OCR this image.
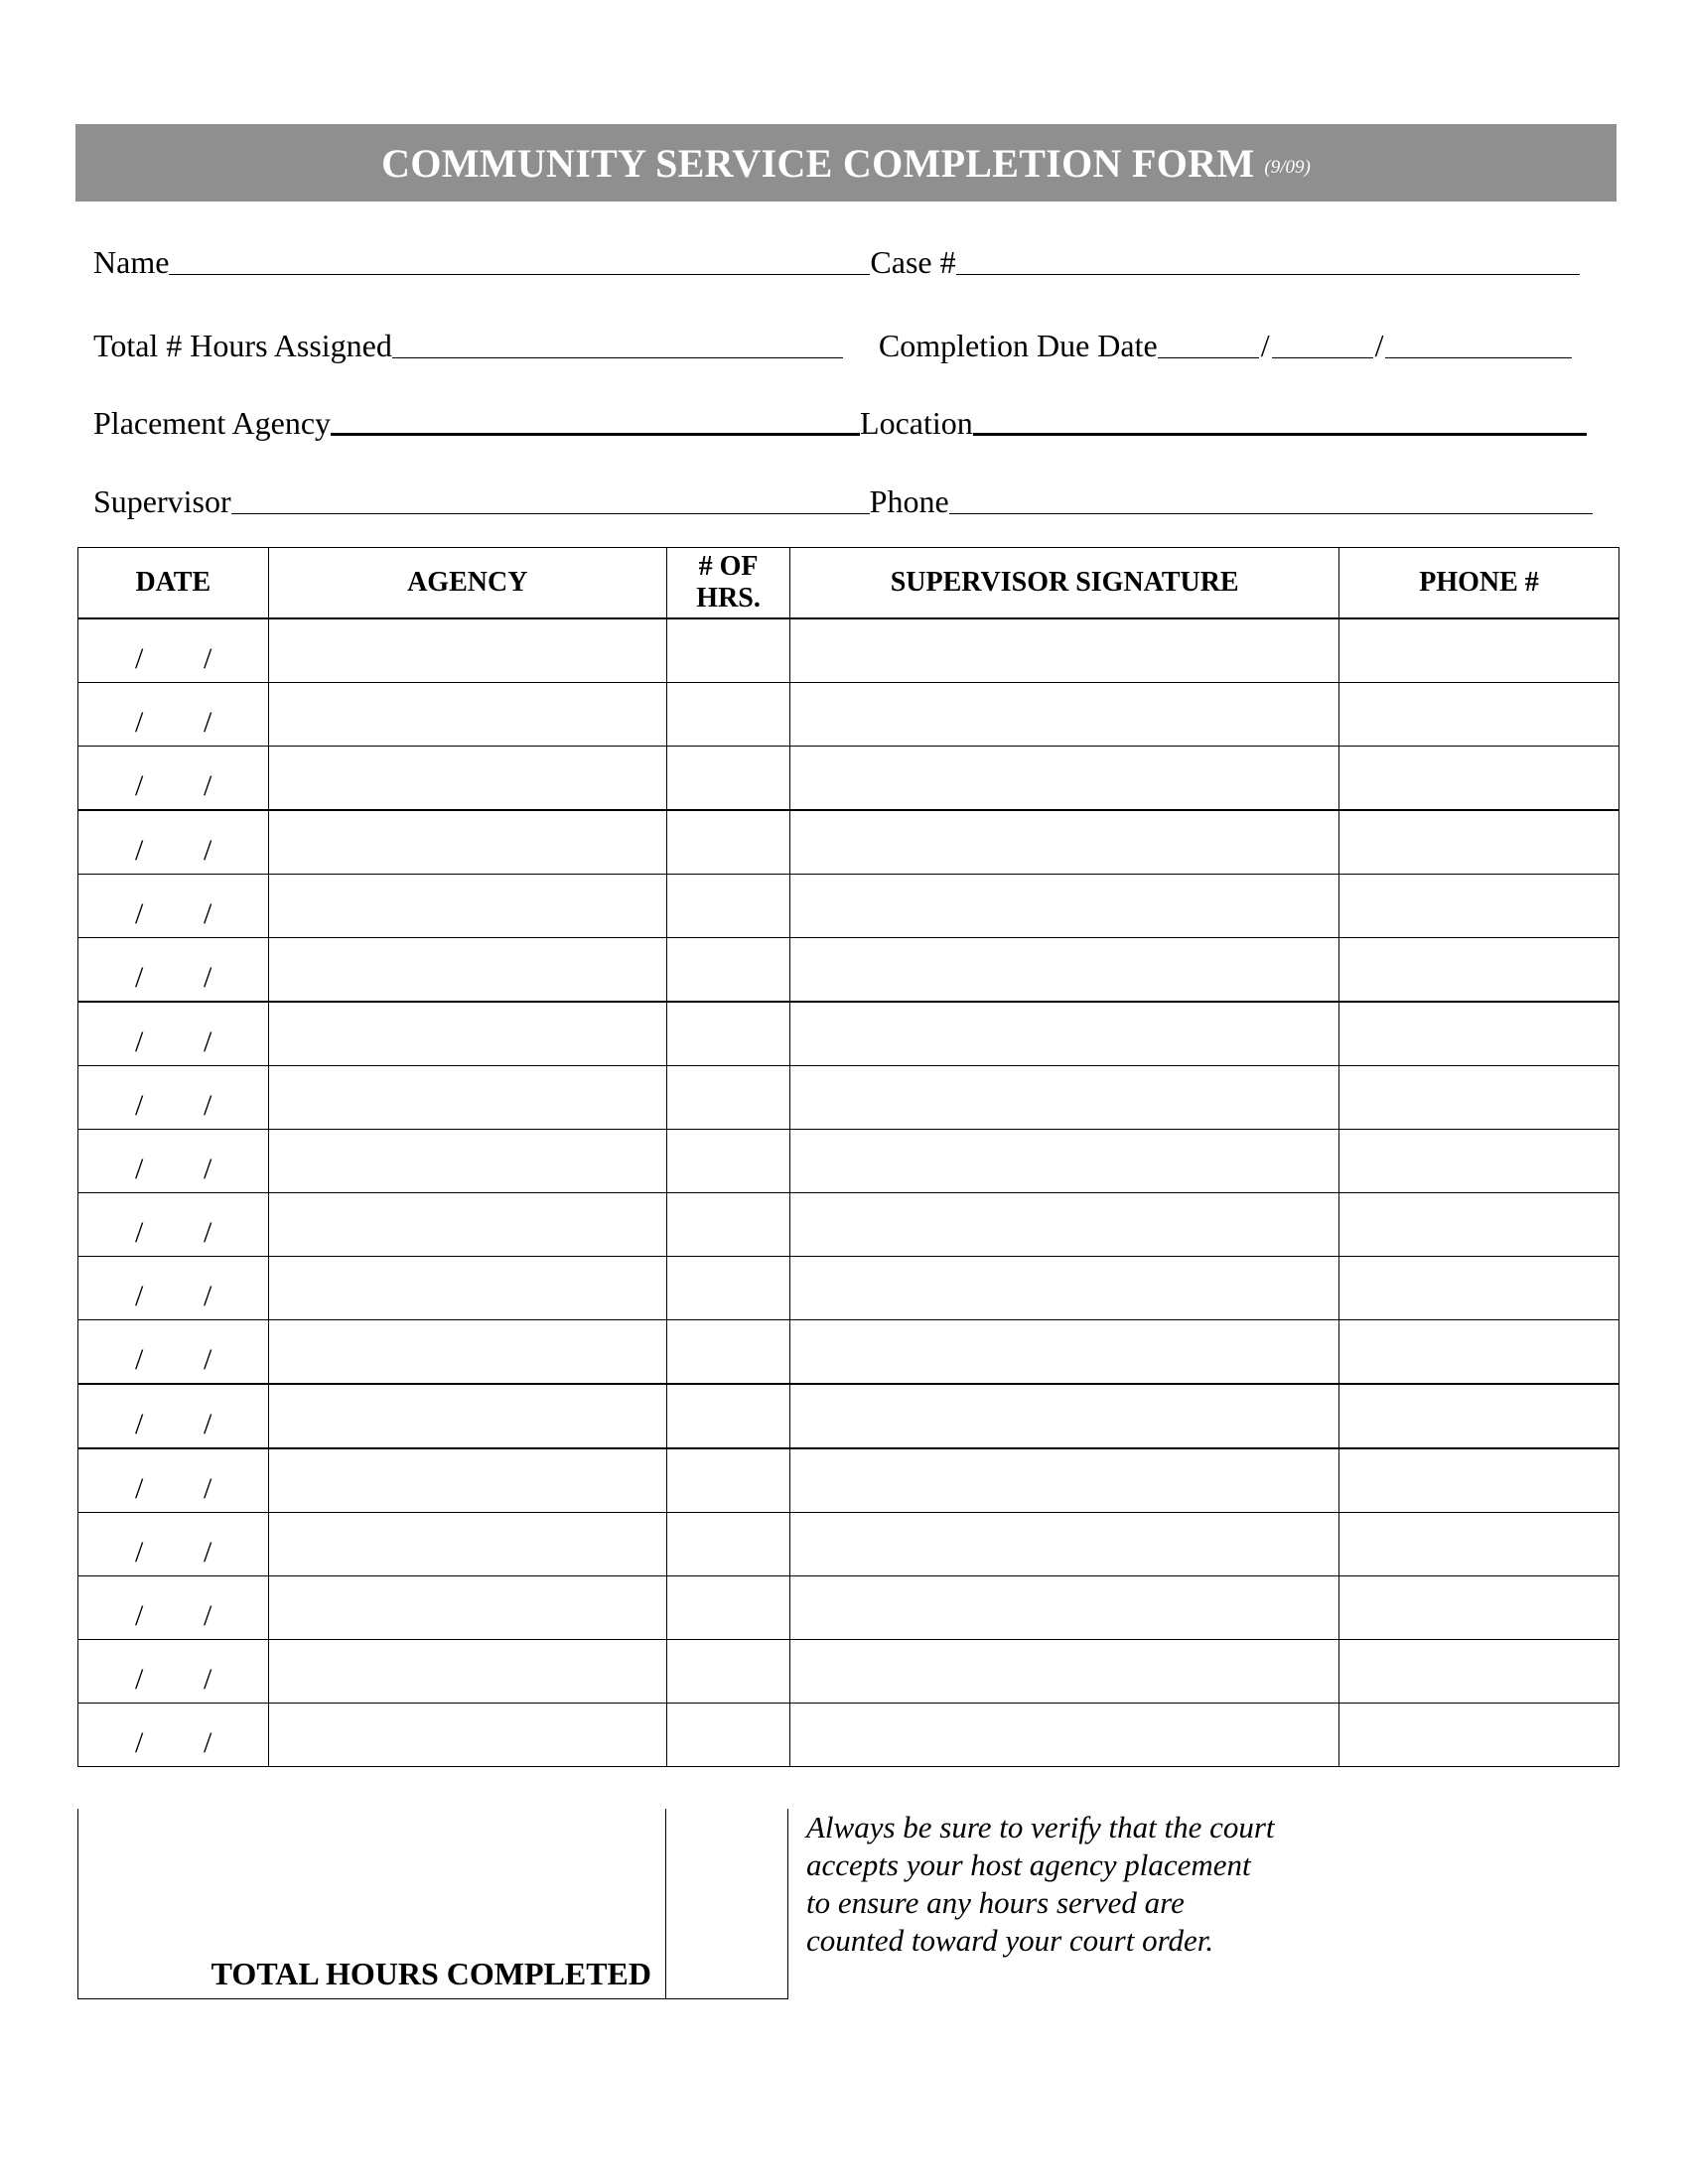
COMMUNITY SERVICE COMPLETION FORM (9/09)
Name	Case #
Total # Hours Assigned	Completion Due Date	/	/
Placement Agency	Location
Supervisor	Phone
DATE	AGENCY	# OF HRS.	SUPERVISOR SIGNATURE	PHONE #

/ /				

/ /				

/ /				

/ /				

/ /				

/ /				

/ /				

/ /				

/ /				

/ /				

/ /				

/ /				

/ /				

/ /				

/ /				

/ /				

/ /				

/ /				

TOTAL HOURS COMPLETED
Always be sure to verify that the court
accepts your host agency placement
to ensure any hours served are
counted toward your court order.
